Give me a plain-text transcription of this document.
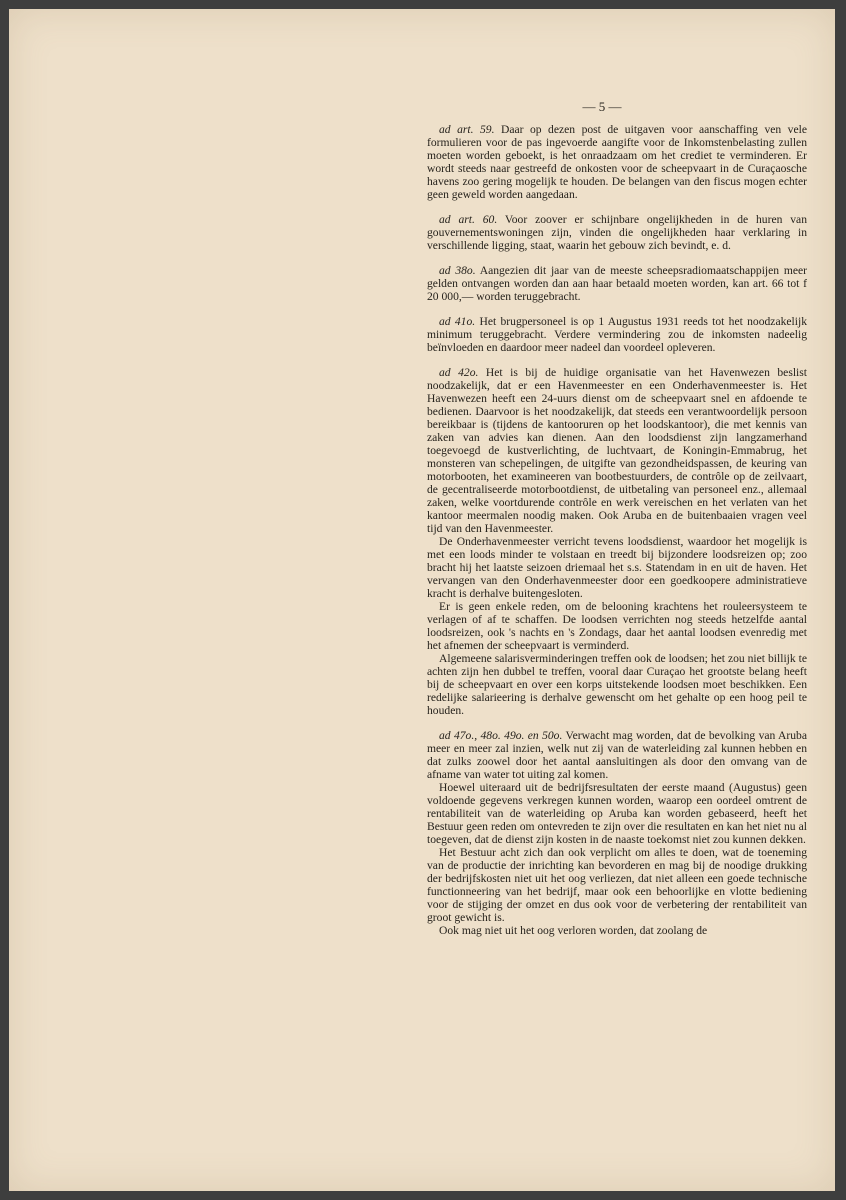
— 5 —

ad art. 59. Daar op dezen post de uitgaven voor aanschaffing ven vele formulieren voor de pas ingevoerde aangifte voor de Inkomstenbelasting zullen moeten worden geboekt, is het onraadzaam om het crediet te verminderen. Er wordt steeds naar gestreefd de onkosten voor de scheepvaart in de Curaçaosche havens zoo gering mogelijk te houden. De belangen van den fiscus mogen echter geen geweld worden aangedaan.

ad art. 60. Voor zoover er schijnbare ongelijkheden in de huren van gouvernementswoningen zijn, vinden die ongelijkheden haar verklaring in verschillende ligging, staat, waarin het gebouw zich bevindt, e. d.

ad 38o. Aangezien dit jaar van de meeste scheepsradiomaatschappijen meer gelden ontvangen worden dan aan haar betaald moeten worden, kan art. 66 tot f 20 000,— worden teruggebracht.

ad 41o. Het brugpersoneel is op 1 Augustus 1931 reeds tot het noodzakelijk minimum teruggebracht. Verdere vermindering zou de inkomsten nadeelig beïnvloeden en daardoor meer nadeel dan voordeel opleveren.

ad 42o. Het is bij de huidige organisatie van het Havenwezen beslist noodzakelijk, dat er een Havenmeester en een Onderhavenmeester is. Het Havenwezen heeft een 24-uurs dienst om de scheepvaart snel en afdoende te bedienen. Daarvoor is het noodzakelijk, dat steeds een verantwoordelijk persoon bereikbaar is (tijdens de kantooruren op het loodskantoor), die met kennis van zaken van advies kan dienen. Aan den loodsdienst zijn langzamerhand toegevoegd de kustverlichting, de luchtvaart, de Koningin-Emmabrug, het monsteren van schepelingen, de uitgifte van gezondheidspassen, de keuring van motorbooten, het examineeren van bootbestuurders, de contrôle op de zeilvaart, de gecentraliseerde motorbootdienst, de uitbetaling van personeel enz., allemaal zaken, welke voortdurende contrôle en werk vereischen en het verlaten van het kantoor meermalen noodig maken. Ook Aruba en de buitenbaaien vragen veel tijd van den Havenmeester.

De Onderhavenmeester verricht tevens loodsdienst, waardoor het mogelijk is met een loods minder te volstaan en treedt bij bijzondere loodsreizen op; zoo bracht hij het laatste seizoen driemaal het s.s. Statendam in en uit de haven. Het vervangen van den Onderhavenmeester door een goedkoopere administratieve kracht is derhalve buitengesloten.

Er is geen enkele reden, om de belooning krachtens het rouleersysteem te verlagen of af te schaffen. De loodsen verrichten nog steeds hetzelfde aantal loodsreizen, ook 's nachts en 's Zondags, daar het aantal loodsen evenredig met het afnemen der scheepvaart is verminderd.

Algemeene salarisverminderingen treffen ook de loodsen; het zou niet billijk te achten zijn hen dubbel te treffen, vooral daar Curaçao het grootste belang heeft bij de scheepvaart en over een korps uitstekende loodsen moet beschikken. Een redelijke salarieering is derhalve gewenscht om het gehalte op een hoog peil te houden.

ad 47o., 48o. 49o. en 50o. Verwacht mag worden, dat de bevolking van Aruba meer en meer zal inzien, welk nut zij van de waterleiding zal kunnen hebben en dat zulks zoowel door het aantal aansluitingen als door den omvang van de afname van water tot uiting zal komen.

Hoewel uiteraard uit de bedrijfsresultaten der eerste maand (Augustus) geen voldoende gegevens verkregen kunnen worden, waarop een oordeel omtrent de rentabiliteit van de waterleiding op Aruba kan worden gebaseerd, heeft het Bestuur geen reden om ontevreden te zijn over die resultaten en kan het niet nu al toegeven, dat de dienst zijn kosten in de naaste toekomst niet zou kunnen dekken.

Het Bestuur acht zich dan ook verplicht om alles te doen, wat de toeneming van de productie der inrichting kan bevorderen en mag bij de noodige drukking der bedrijfskosten niet uit het oog verliezen, dat niet alleen een goede technische functionneering van het bedrijf, maar ook een behoorlijke en vlotte bediening voor de stijging der omzet en dus ook voor de verbetering der rentabiliteit van groot gewicht is.

Ook mag niet uit het oog verloren worden, dat zoolang de
